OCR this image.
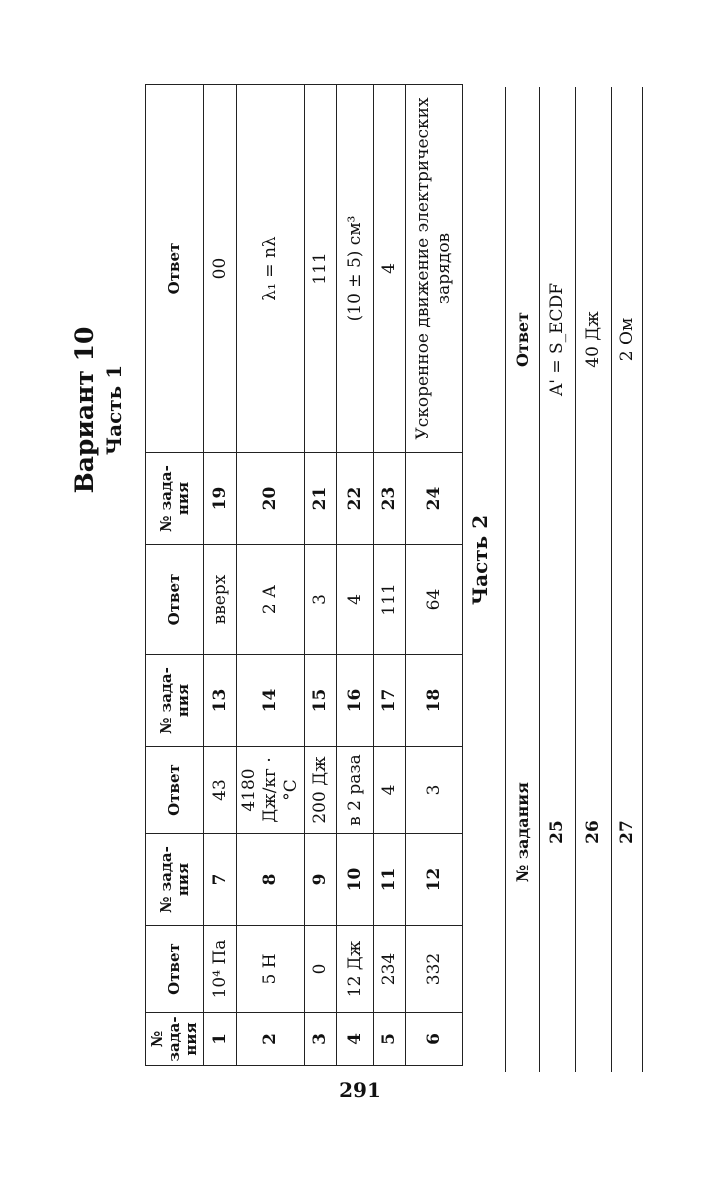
Вариант 10 Часть 1
Часть 2
№ зада-ния	Ответ	№ зада-ния	Ответ	№ зада-ния	Ответ	№ зада-ния	Ответ
1	10⁴ Па	7	43	13	вверх	19	00
2	5 Н	8	4180 Дж/кг · °С	14	2 А	20	λ₁ = nλ
3	0	9	200 Дж	15	3	21	111
4	12 Дж	10	в 2 раза	16	4	22	(10 ± 5) см³
5	234	11	4	17	111	23	4
6	332	12	3	18	64	24	Ускоренное движение электрических зарядов
№ задания	Ответ
25	A' = S_ECDF
26	40 Дж
27	2 Ом
291
